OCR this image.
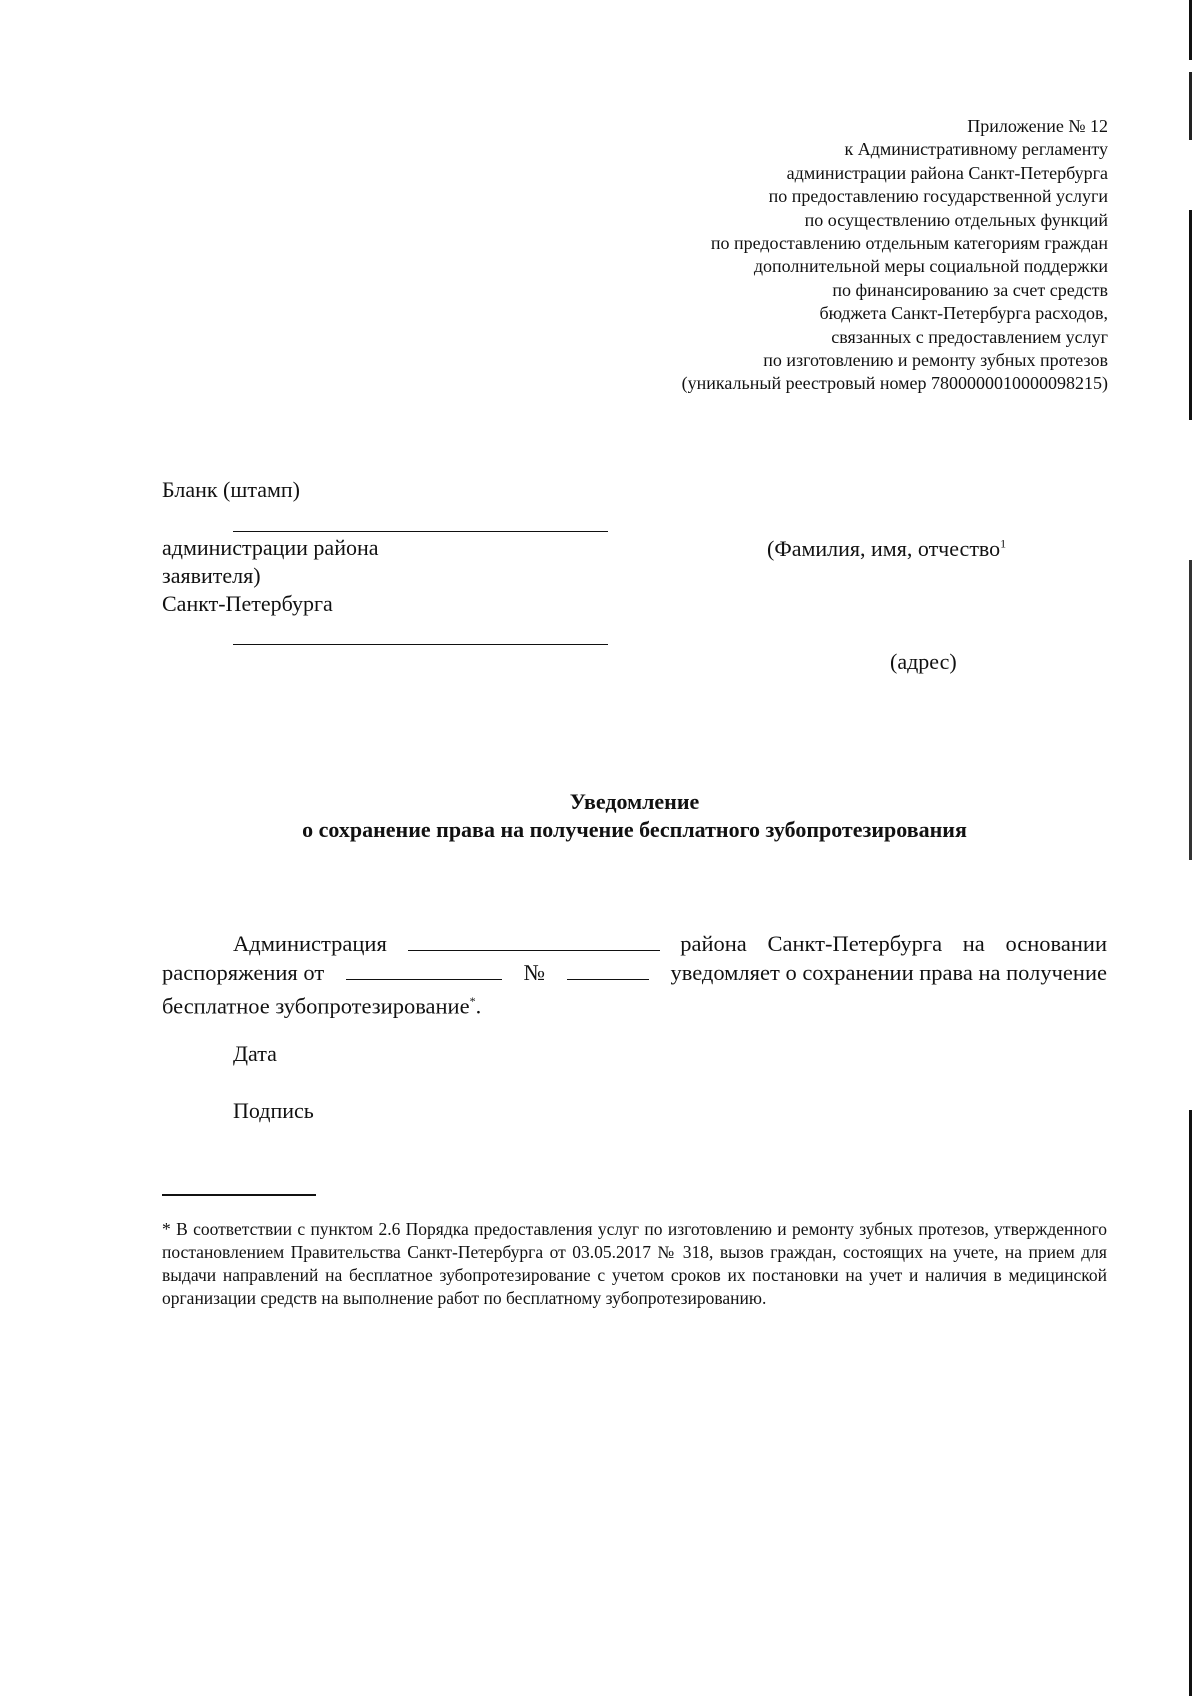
Приложение № 12
к Административному регламенту
администрации района Санкт-Петербурга
по предоставлению государственной услуги
по осуществлению отдельных функций
по предоставлению отдельным категориям граждан
дополнительной меры социальной поддержки
по финансированию за счет средств
бюджета Санкт-Петербурга расходов,
связанных с предоставлением услуг
по изготовлению и ремонту зубных протезов
(уникальный реестровый номер 7800000010000098215)
Бланк (штамп)
администрации района
заявителя)
Санкт-Петербурга
(Фамилия, имя, отчество$^1$
(адрес)
Уведомление
о сохранение права на получение бесплатного зубопротезирования
Администрация	района Санкт-Петербурга на основании
распоряжения от	№	уведомляет о сохранении права на получение
бесплатное зубопротезирование*.
Дата
Подпись
* В соответствии с пунктом 2.6 Порядка предоставления услуг по изготовлению и ремонту зубных протезов, утвержденного постановлением Правительства Санкт-Петербурга от 03.05.2017 № 318, вызов граждан, состоящих на учете, на прием для выдачи направлений на бесплатное зубопротезирование с учетом сроков их постановки на учет и наличия в медицинской организации средств на выполнение работ по бесплатному зубопротезированию.
